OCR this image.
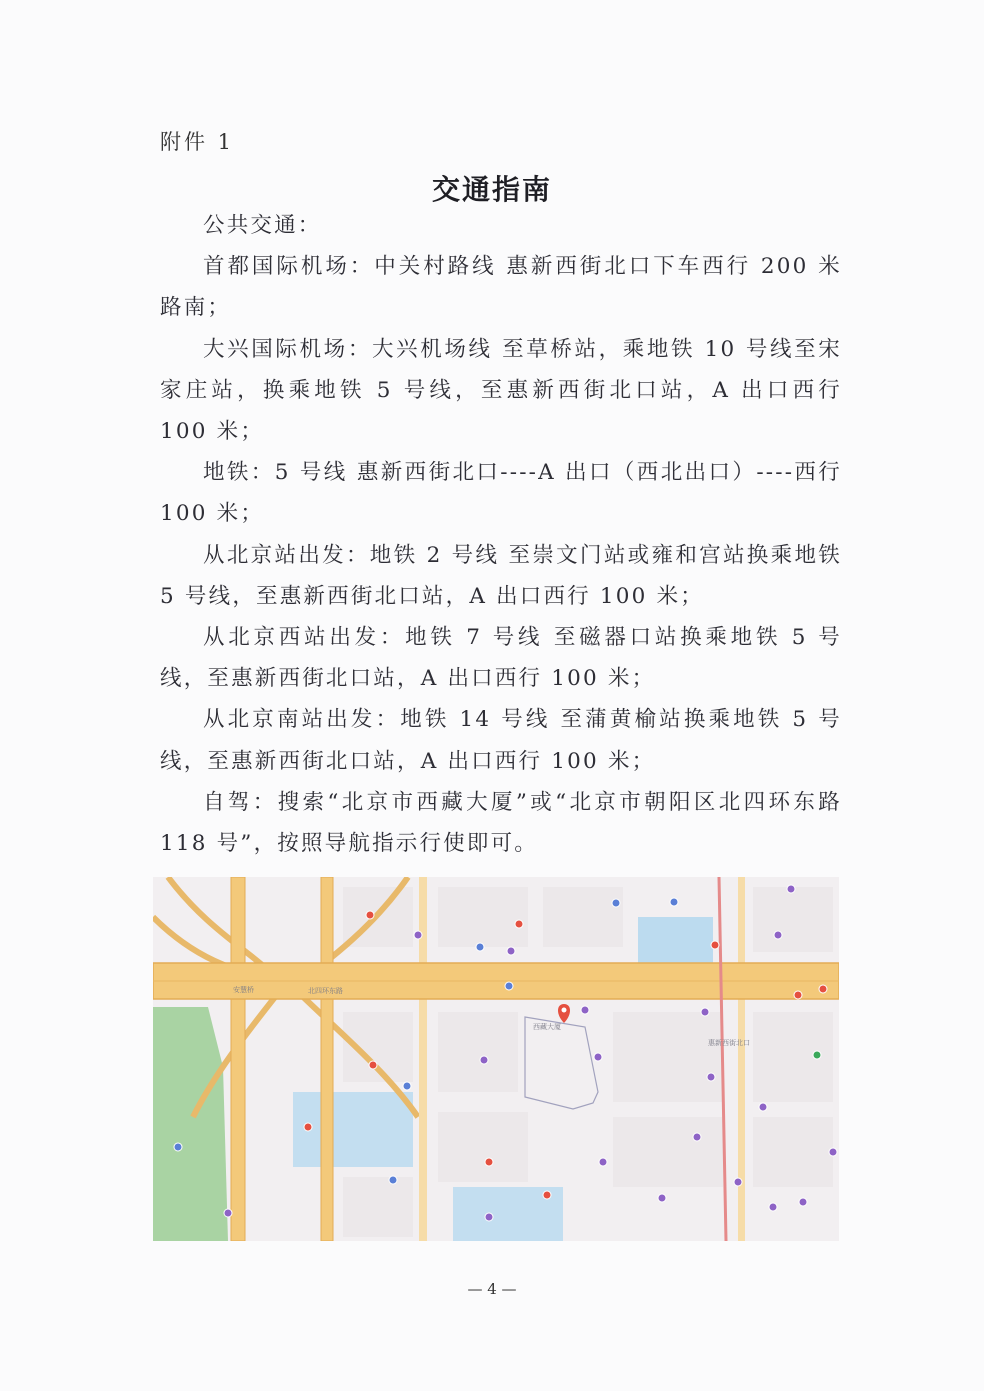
附件 1
交通指南

公共交通：

首都国际机场：中关村路线 惠新西街北口下车西行 200 米路南；

大兴国际机场：大兴机场线 至草桥站，乘地铁 10 号线至宋家庄站，换乘地铁 5 号线，至惠新西街北口站，A 出口西行 100 米；

地铁：5 号线 惠新西街北口----A 出口（西北出口）----西行 100 米；

从北京站出发：地铁 2 号线 至崇文门站或雍和宫站换乘地铁 5 号线，至惠新西街北口站，A 出口西行 100 米；

从北京西站出发：地铁 7 号线 至磁器口站换乘地铁 5 号线，至惠新西街北口站，A 出口西行 100 米；

从北京南站出发：地铁 14 号线 至蒲黄榆站换乘地铁 5 号线，至惠新西街北口站，A 出口西行 100 米；

自驾：搜索“北京市西藏大厦”或“北京市朝阳区北四环东路 118 号”，按照导航指示行使即可。

北四环东路
安慧桥
西藏大厦
惠新西街北口
— 4 —
